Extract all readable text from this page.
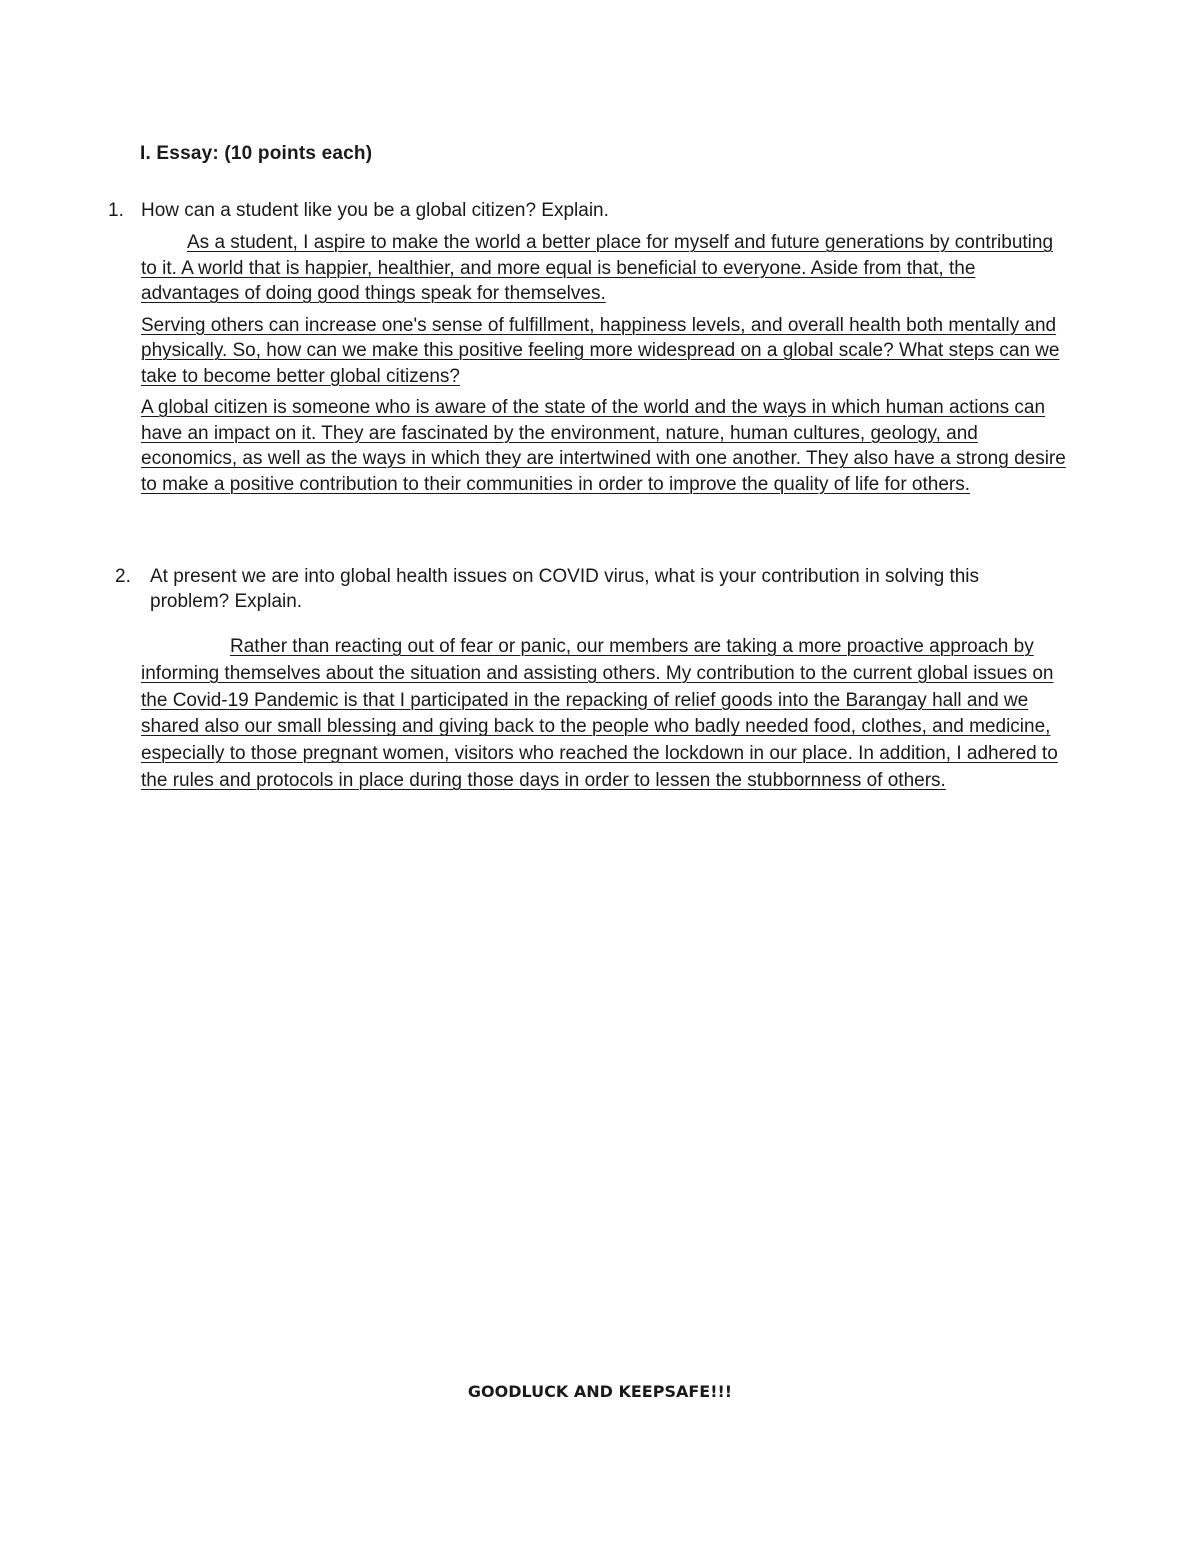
I. Essay: (10 points each)
1. How can a student like you be a global citizen? Explain.

As a student, I aspire to make the world a better place for myself and future generations by contributing to it. A world that is happier, healthier, and more equal is beneficial to everyone. Aside from that, the advantages of doing good things speak for themselves.

Serving others can increase one's sense of fulfillment, happiness levels, and overall health both mentally and physically. So, how can we make this positive feeling more widespread on a global scale? What steps can we take to become better global citizens?

A global citizen is someone who is aware of the state of the world and the ways in which human actions can have an impact on it. They are fascinated by the environment, nature, human cultures, geology, and economics, as well as the ways in which they are intertwined with one another. They also have a strong desire to make a positive contribution to their communities in order to improve the quality of life for others.

2. At present we are into global health issues on COVID virus, what is your contribution in solving this problem? Explain.

Rather than reacting out of fear or panic, our members are taking a more proactive approach by informing themselves about the situation and assisting others. My contribution to the current global issues on the Covid-19 Pandemic is that I participated in the repacking of relief goods into the Barangay hall and we shared also our small blessing and giving back to the people who badly needed food, clothes, and medicine, especially to those pregnant women, visitors who reached the lockdown in our place. In addition, I adhered to the rules and protocols in place during those days in order to lessen the stubbornness of others.

GOODLUCK AND KEEPSAFE!!!
